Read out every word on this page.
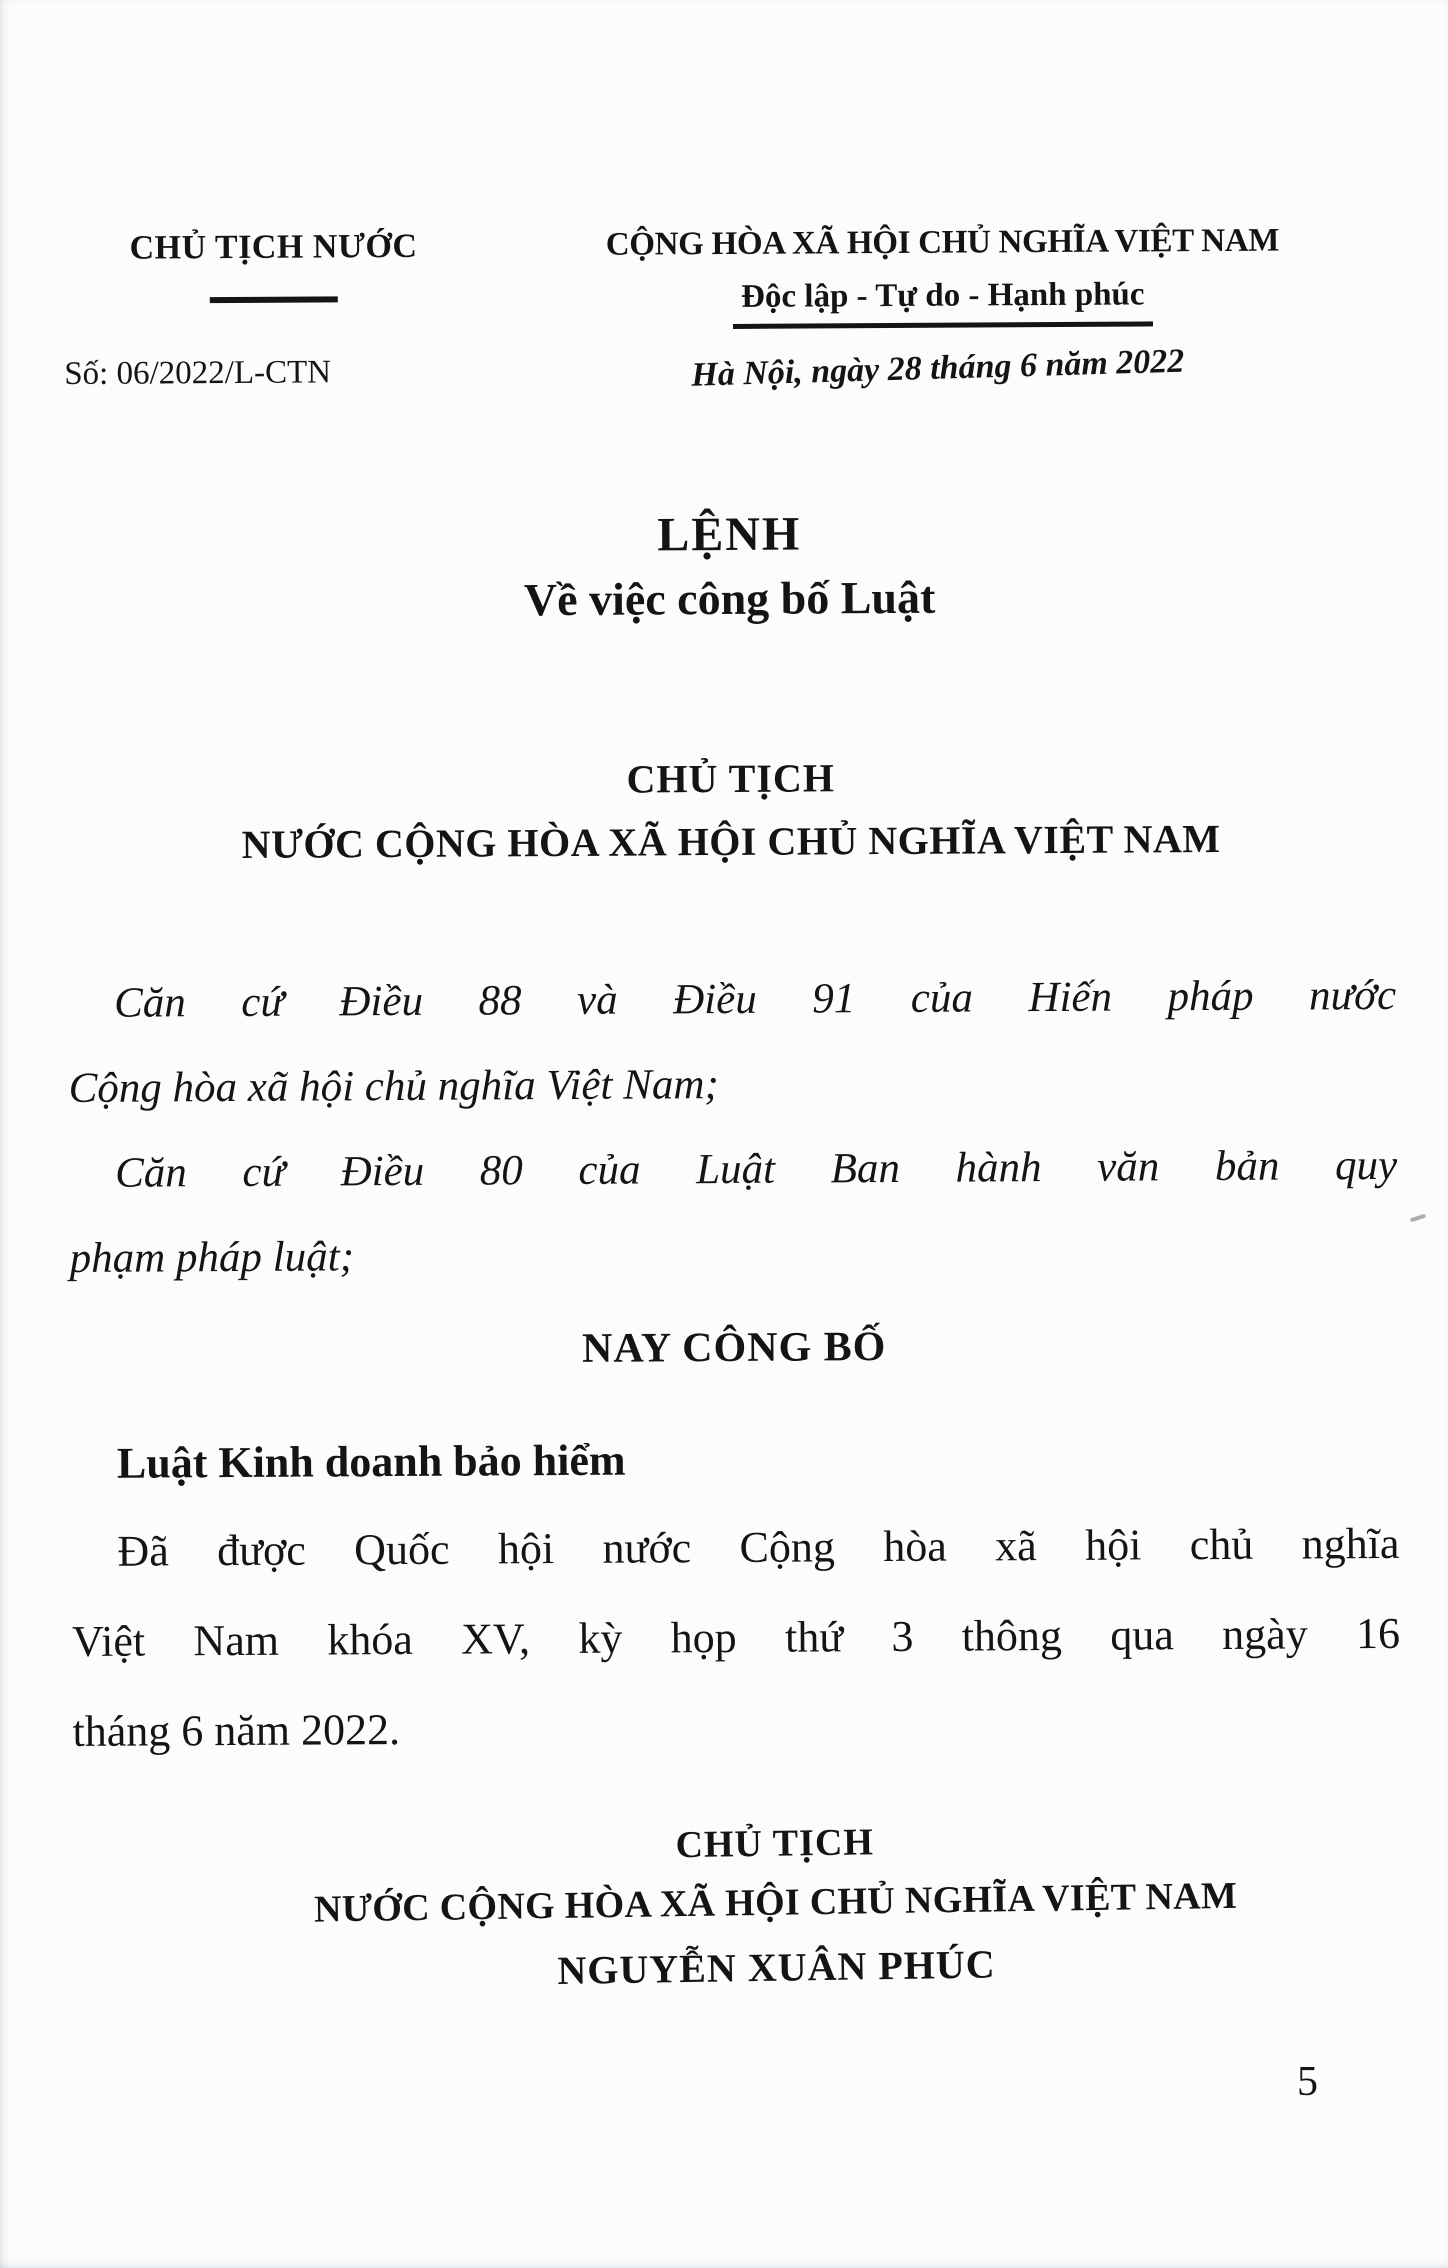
CHỦ TỊCH NƯỚC	CỘNG HÒA XÃ HỘI CHỦ NGHĨA VIỆT NAM
Độc lập - Tự do - Hạnh phúc
Số: 06/2022/L-CTN	Hà Nội, ngày 28 tháng 6 năm 2022
LỆNH
Về việc công bố Luật
CHỦ TỊCH
NƯỚC CỘNG HÒA XÃ HỘI CHỦ NGHĨA VIỆT NAM
Căn cứ Điều 88 và Điều 91 của Hiến pháp nước
Cộng hòa xã hội chủ nghĩa Việt Nam;
Căn cứ Điều 80 của Luật Ban hành văn bản quy
phạm pháp luật;
NAY CÔNG BỐ
Luật Kinh doanh bảo hiểm
Đã được Quốc hội nước Cộng hòa xã hội chủ nghĩa
Việt Nam khóa XV, kỳ họp thứ 3 thông qua ngày 16
tháng 6 năm 2022.
CHỦ TỊCH
NƯỚC CỘNG HÒA XÃ HỘI CHỦ NGHĨA VIỆT NAM
NGUYỄN XUÂN PHÚC
5
